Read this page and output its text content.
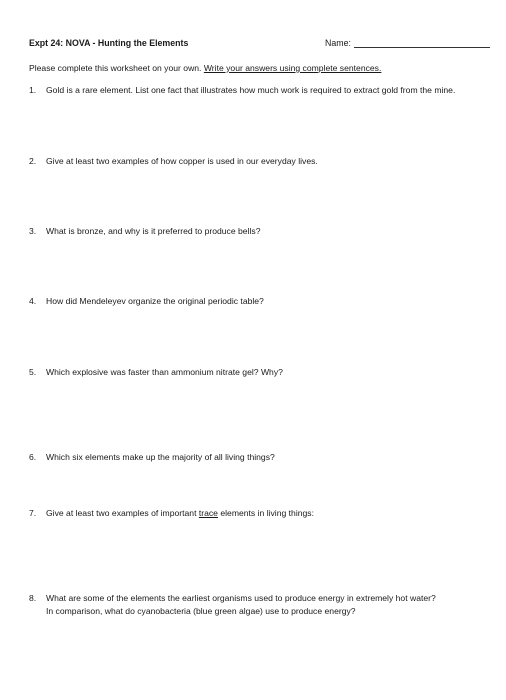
Expt 24: NOVA - Hunting the Elements	Name:
Please complete this worksheet on your own. Write your answers using complete sentences.
1.	Gold is a rare element. List one fact that illustrates how much work is required to extract gold from the mine.
2.	Give at least two examples of how copper is used in our everyday lives.
3.	What is bronze, and why is it preferred to produce bells?
4.	How did Mendeleyev organize the original periodic table?
5.	Which explosive was faster than ammonium nitrate gel? Why?
6.	Which six elements make up the majority of all living things?
7.	Give at least two examples of important trace elements in living things:
8.	What are some of the elements the earliest organisms used to produce energy in extremely hot water?
In comparison, what do cyanobacteria (blue green algae) use to produce energy?
